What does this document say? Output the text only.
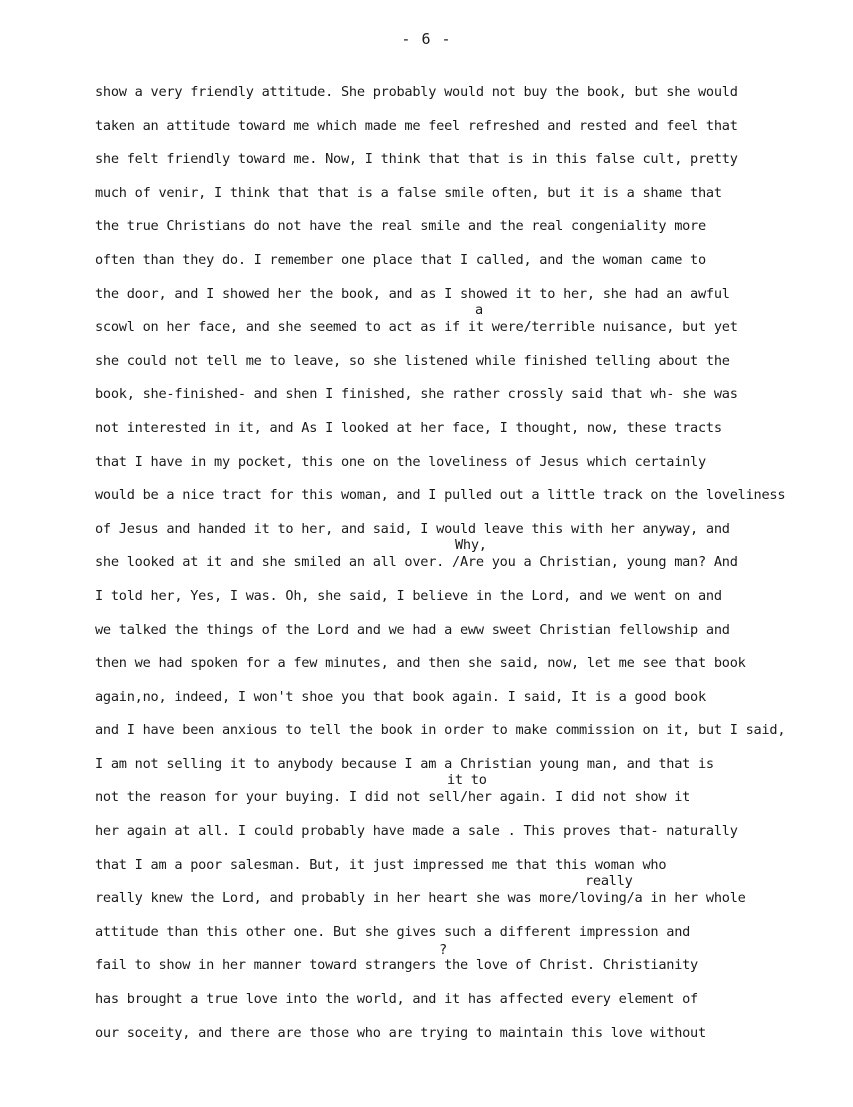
- 6 -
show a very friendly attitude. She probably would not buy the book, but she would
taken an attitude toward me which made me feel refreshed and rested and feel that
she felt friendly toward me. Now, I think that that is in this false cult, pretty
much of venir, I think that that is a false smile often, but it is a shame that
the true Christians do not have the real smile and the real congeniality more
often than they do. I remember one place that I called, and the woman came to
the door, and I showed her the book, and as I showed it to her, she had an awful
a
scowl on her face, and she seemed to act as if it were/terrible nuisance, but yet
she could not tell me to leave, so she listened while finished telling about the
book, she-finished- and shen I finished, she rather crossly said that wh- she was
not interested in it, and As I looked at her face, I thought, now, these tracts
that I have in my pocket, this one on the loveliness of Jesus which certainly
would be a nice tract for this woman, and I pulled out a little track on the loveliness
of Jesus and handed it to her, and said, I would leave this with her anyway, and
Why,
she looked at it and she smiled an all over. /Are you a Christian, young man? And
I told her, Yes, I was. Oh, she said, I believe in the Lord, and we went on and
we talked the things of the Lord and we had a eww sweet Christian fellowship and
then we had spoken for a few minutes, and then she said, now, let me see that book
again,no, indeed, I won't shoe you that book again. I said, It is a good book
and I have been anxious to tell the book in order to make commission on it, but I said,
I am not selling it to anybody because I am a Christian young man, and that is
it to
not the reason for your buying. I did not sell/her again. I did not show it
her again at all. I could probably have made a sale . This proves that- naturally
that I am a poor salesman. But, it just impressed me that this woman who
really
really knew the Lord, and probably in her heart she was more/loving/a in her whole
attitude than this other one. But she gives such a different impression and
?
fail to show in her manner toward strangers the love of Christ. Christianity
has brought a true love into the world, and it has affected every element of
our soceity, and there are those who are trying to maintain this love without
